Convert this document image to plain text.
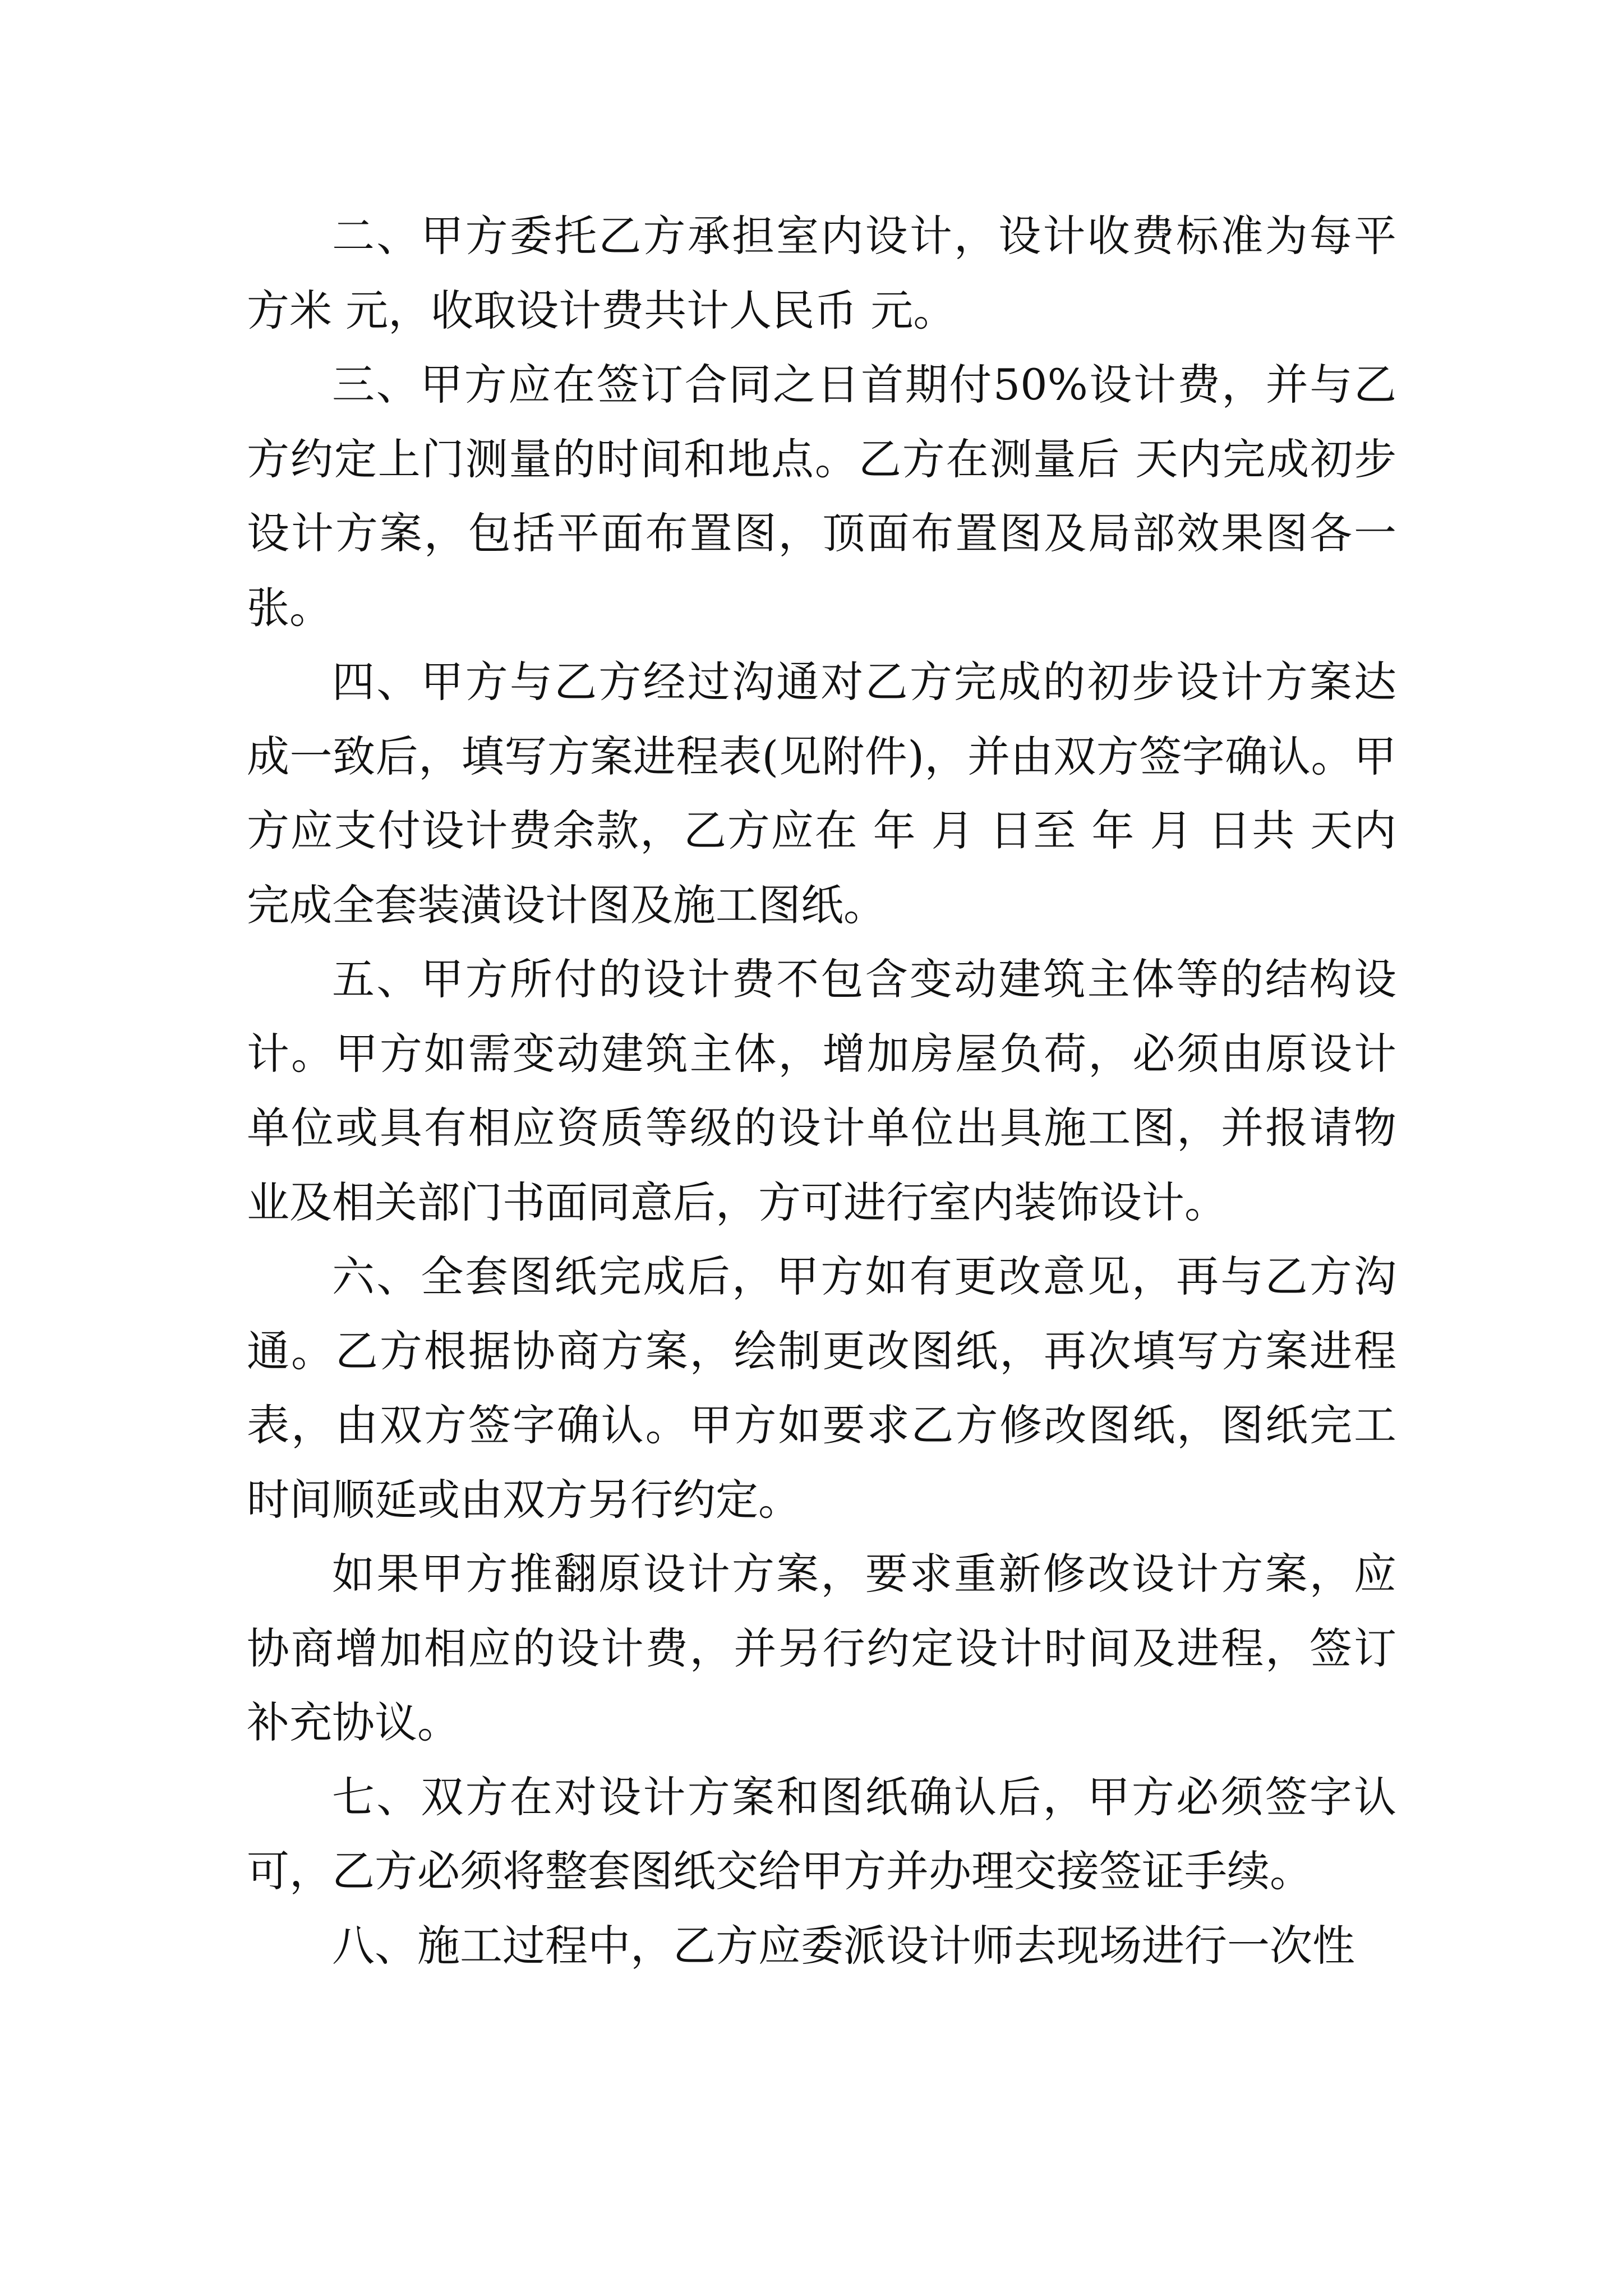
二、甲方委托乙方承担室内设计，设计收费标准为每平方米 元，收取设计费共计人民币 元。

三、甲方应在签订合同之日首期付50%设计费，并与乙方约定上门测量的时间和地点。乙方在测量后 天内完成初步设计方案，包括平面布置图，顶面布置图及局部效果图各一张。

四、甲方与乙方经过沟通对乙方完成的初步设计方案达成一致后，填写方案进程表(见附件)，并由双方签字确认。甲方应支付设计费余款，乙方应在 年 月 日至 年 月 日共 天内完成全套装潢设计图及施工图纸。

五、甲方所付的设计费不包含变动建筑主体等的结构设计。甲方如需变动建筑主体，增加房屋负荷，必须由原设计单位或具有相应资质等级的设计单位出具施工图，并报请物业及相关部门书面同意后，方可进行室内装饰设计。

六、全套图纸完成后，甲方如有更改意见，再与乙方沟通。乙方根据协商方案，绘制更改图纸，再次填写方案进程表，由双方签字确认。甲方如要求乙方修改图纸，图纸完工时间顺延或由双方另行约定。

如果甲方推翻原设计方案，要求重新修改设计方案，应协商增加相应的设计费，并另行约定设计时间及进程，签订补充协议。

七、双方在对设计方案和图纸确认后，甲方必须签字认可，乙方必须将整套图纸交给甲方并办理交接签证手续。

八、施工过程中，乙方应委派设计师去现场进行一次性
